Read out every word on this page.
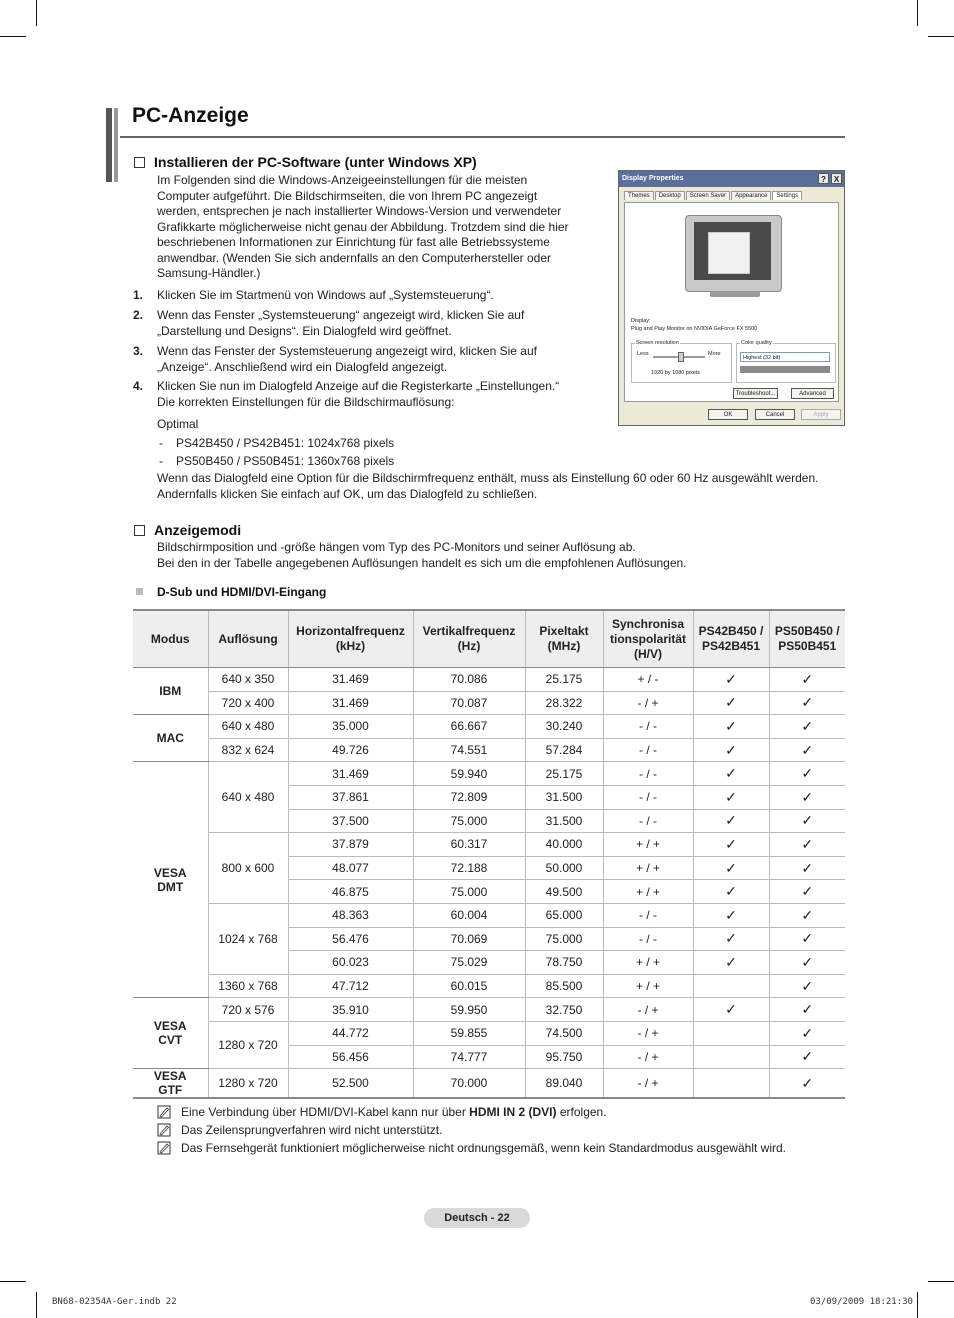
PC-Anzeige
Installieren der PC-Software (unter Windows XP)
Im Folgenden sind die Windows-Anzeigeeinstellungen für die meisten
Computer aufgeführt. Die Bildschirmseiten, die von Ihrem PC angezeigt
werden, entsprechen je nach installierter Windows-Version und verwendeter
Grafikkarte möglicherweise nicht genau der Abbildung. Trotzdem sind die hier
beschriebenen Informationen zur Einrichtung für fast alle Betriebssysteme
anwendbar. (Wenden Sie sich andernfalls an den Computerhersteller oder
Samsung-Händler.)
1. Klicken Sie im Startmenü von Windows auf „Systemsteuerung“.
2. Wenn das Fenster „Systemsteuerung“ angezeigt wird, klicken Sie auf
„Darstellung und Designs“. Ein Dialogfeld wird geöffnet.
3. Wenn das Fenster der Systemsteuerung angezeigt wird, klicken Sie auf
„Anzeige“. Anschließend wird ein Dialogfeld angezeigt.
4. Klicken Sie nun im Dialogfeld Anzeige auf die Registerkarte „Einstellungen.“
Die korrekten Einstellungen für die Bildschirmauflösung:
Optimal
- PS42B450 / PS42B451: 1024x768 pixels
- PS50B450 / PS50B451: 1360x768 pixels
Wenn das Dialogfeld eine Option für die Bildschirmfrequenz enthält, muss als Einstellung 60 oder 60 Hz ausgewählt werden.
Andernfalls klicken Sie einfach auf OK, um das Dialogfeld zu schließen.
Display Properties	? X
Themes	Desktop	Screen Saver	Appearance	Settings
Display:
Plug and Play Monitor on NVIDIA GeForce FX 5500
Screen resolution
Less	More
1920 by 1080 pixels
Color quality
Highest (32 bit)
Troubleshoot...	Advanced
OK	Cancel	Apply
Anzeigemodi
Bildschirmposition und -größe hängen vom Typ des PC-Monitors und seiner Auflösung ab.
Bei den in der Tabelle angegebenen Auflösungen handelt es sich um die empfohlenen Auflösungen.
D-Sub und HDMI/DVI-Eingang
Modus	Auflösung	Horizontalfrequenz (kHz)	Vertikalfrequenz (Hz)	Pixeltakt (MHz)	Synchronisa tionspolarität (H/V)	PS42B450 / PS42B451	PS50B450 / PS50B451
IBM	640 x 350	31.469	70.086	25.175	+ / -	✓	✓
	720 x 400	31.469	70.087	28.322	- / +	✓	✓
MAC	640 x 480	35.000	66.667	30.240	- / -	✓	✓
	832 x 624	49.726	74.551	57.284	- / -	✓	✓
VESA
DMT	640 x 480	31.469	59.940	25.175	- / -	✓	✓
		37.861	72.809	31.500	- / -	✓	✓
		37.500	75.000	31.500	- / -	✓	✓
	800 x 600	37.879	60.317	40.000	+ / +	✓	✓
		48.077	72.188	50.000	+ / +	✓	✓
		46.875	75.000	49.500	+ / +	✓	✓
	1024 x 768	48.363	60.004	65.000	- / -	✓	✓
		56.476	70.069	75.000	- / -	✓	✓
		60.023	75.029	78.750	+ / +	✓	✓
	1360 x 768	47.712	60.015	85.500	+ / +		✓
VESA
CVT	720 x 576	35.910	59.950	32.750	- / +	✓	✓
	1280 x 720	44.772	59.855	74.500	- / +		✓
		56.456	74.777	95.750	- / +		✓
VESA
GTF	1280 x 720	52.500	70.000	89.040	- / +		✓
Eine Verbindung über HDMI/DVI-Kabel kann nur über HDMI IN 2 (DVI) erfolgen.
Das Zeilensprungverfahren wird nicht unterstützt.
Das Fernsehgerät funktioniert möglicherweise nicht ordnungsgemäß, wenn kein Standardmodus ausgewählt wird.
Deutsch - 22
BN68-02354A-Ger.indb 22	03/09/2009 18:21:30
